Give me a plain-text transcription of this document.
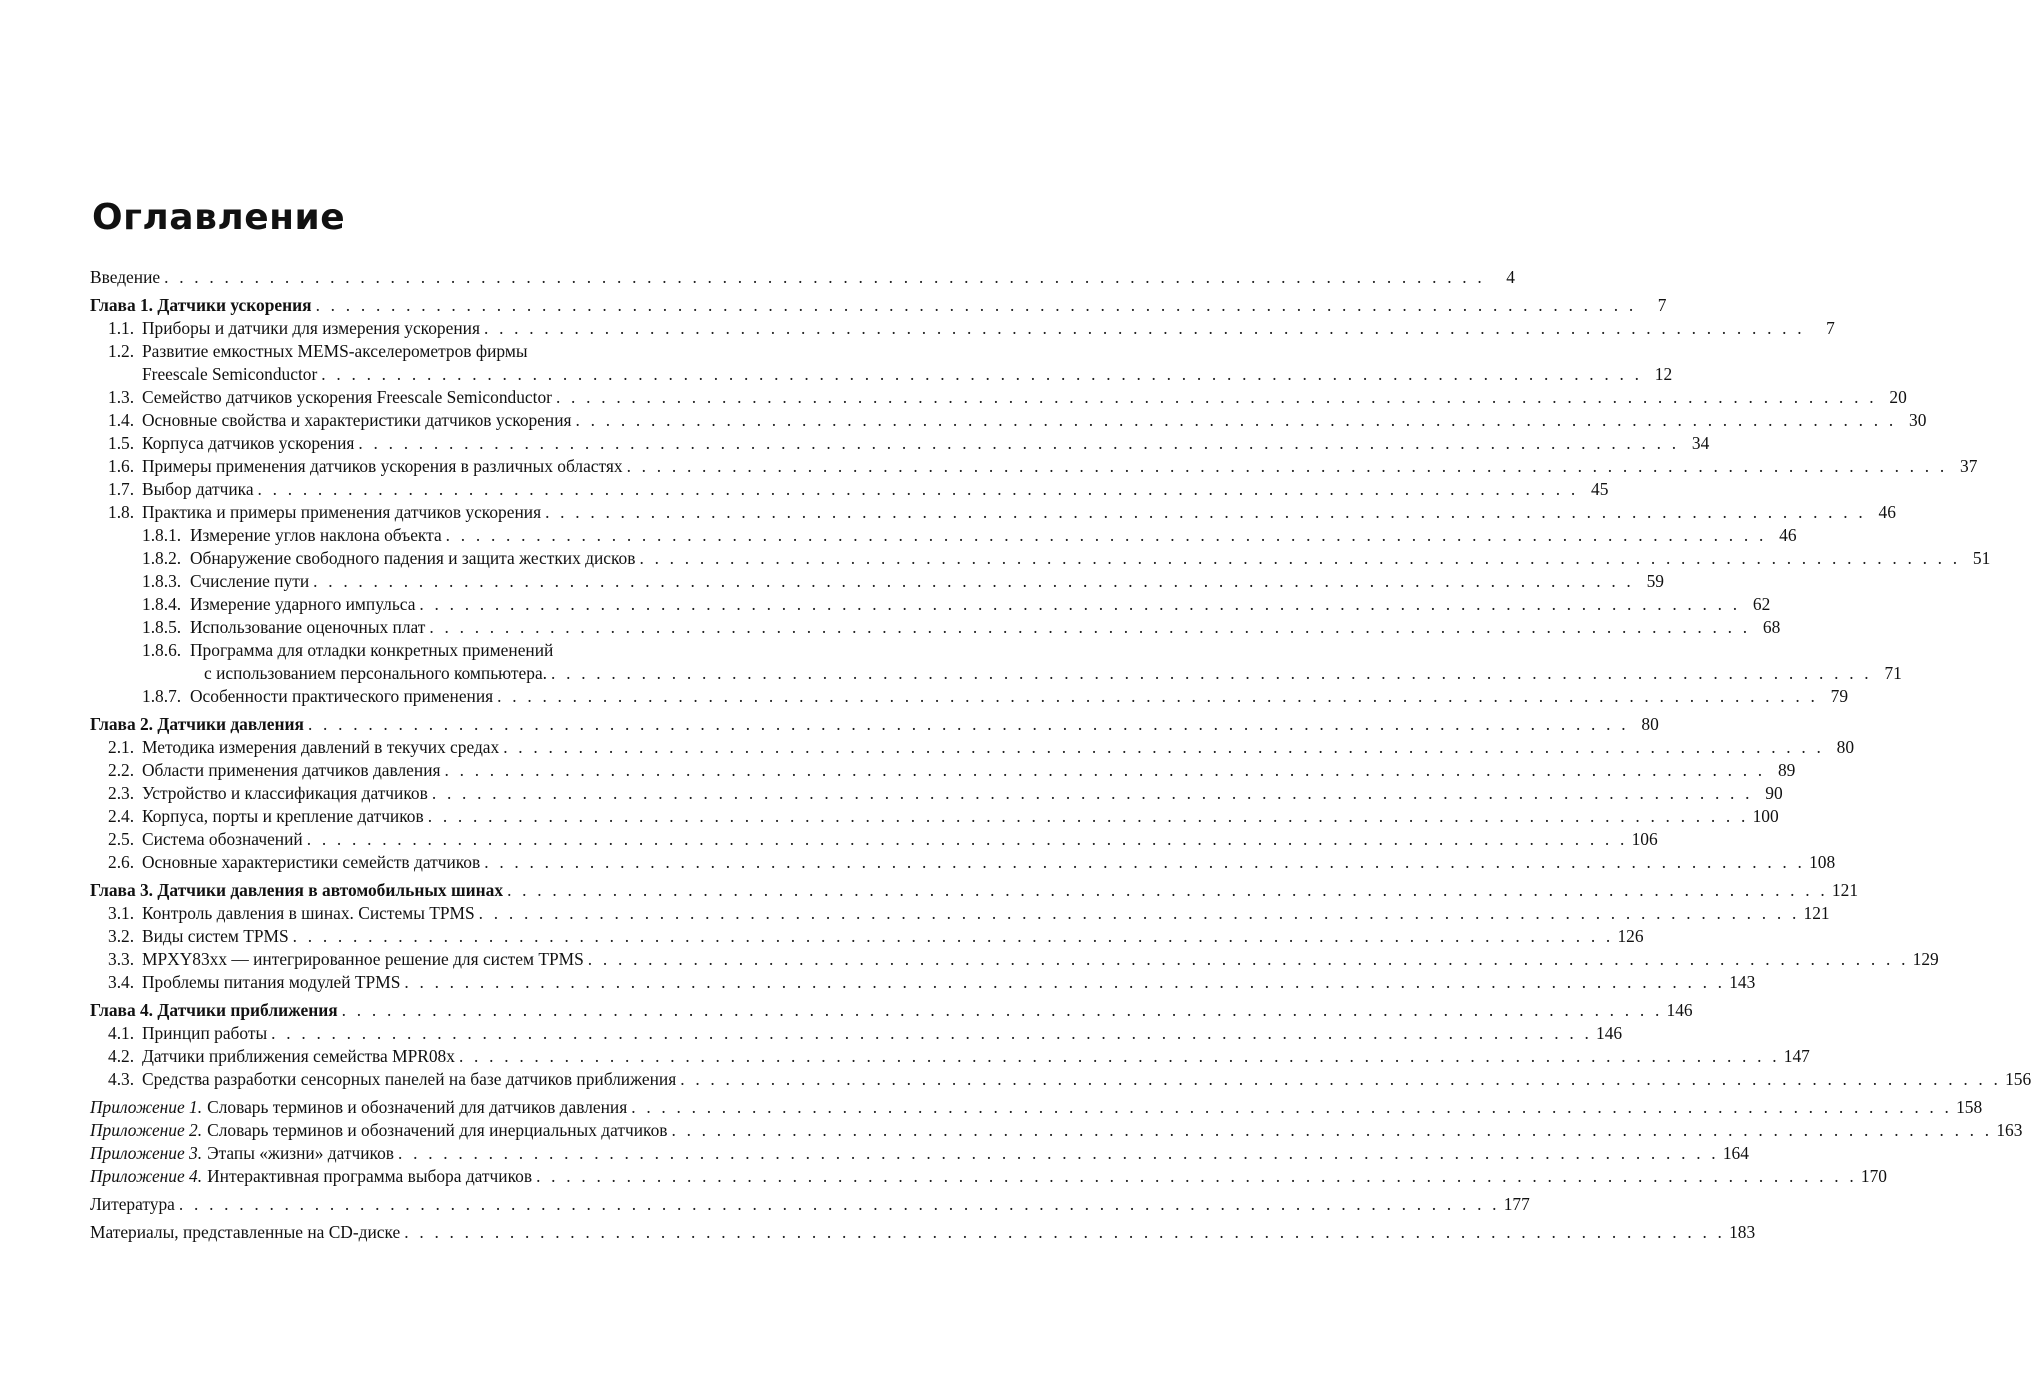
Оглавление
Введение . . . . . . . . . . . . . . . . . . . . . . . . . . . . . . . . . . . . . . . . . . . . . . . . . . . . . . . . . . . . . . . . . . . . . . . . . . . . . . . . . . . . . . . .	4
Глава 1. Датчики ускорения . . . . . . . . . . . . . . . . . . . . . . . . . . . . . . . . . . . . . . . . . . . . . . . . . . . . . . . . . . . . . . . . . . . . . . . . . . . . . . . . . . . . . . . .	7
1.1. Приборы и датчики для измерения ускорения . . . . . . . . . . . . . . . . . . . . . . . . . . . . . . . . . . . . . . . . . . . . . . . . . . . . . . . . . . . . . . . . . . . . . . . . . . . . . . . . . . . . . . . .	7
1.2. Развитие емкостных MEMS-акселерометров фирмы
Freescale Semiconductor . . . . . . . . . . . . . . . . . . . . . . . . . . . . . . . . . . . . . . . . . . . . . . . . . . . . . . . . . . . . . . . . . . . . . . . . . . . . . . . . . . . . . . . . 12
1.3. Семейство датчиков ускорения Freescale Semiconductor . . . . . . . . . . . . . . . . . . . . . . . . . . . . . . . . . . . . . . . . . . . . . . . . . . . . . . . . . . . . . . . . . . . . . . . . . . . . . . . . . . . . . . . . 20
1.4. Основные свойства и характеристики датчиков ускорения . . . . . . . . . . . . . . . . . . . . . . . . . . . . . . . . . . . . . . . . . . . . . . . . . . . . . . . . . . . . . . . . . . . . . . . . . . . . . . . . . . . . . . . . 30
1.5. Корпуса датчиков ускорения . . . . . . . . . . . . . . . . . . . . . . . . . . . . . . . . . . . . . . . . . . . . . . . . . . . . . . . . . . . . . . . . . . . . . . . . . . . . . . . . . . . . . . . . 34
1.6. Примеры применения датчиков ускорения в различных областях . . . . . . . . . . . . . . . . . . . . . . . . . . . . . . . . . . . . . . . . . . . . . . . . . . . . . . . . . . . . . . . . . . . . . . . . . . . . . . . . . . . . . . . . 37
1.7. Выбор датчика . . . . . . . . . . . . . . . . . . . . . . . . . . . . . . . . . . . . . . . . . . . . . . . . . . . . . . . . . . . . . . . . . . . . . . . . . . . . . . . . . . . . . . . . 45
1.8. Практика и примеры применения датчиков ускорения . . . . . . . . . . . . . . . . . . . . . . . . . . . . . . . . . . . . . . . . . . . . . . . . . . . . . . . . . . . . . . . . . . . . . . . . . . . . . . . . . . . . . . . . 46
1.8.1. Измерение углов наклона объекта . . . . . . . . . . . . . . . . . . . . . . . . . . . . . . . . . . . . . . . . . . . . . . . . . . . . . . . . . . . . . . . . . . . . . . . . . . . . . . . . . . . . . . . . 46
1.8.2. Обнаружение свободного падения и защита жестких дисков . . . . . . . . . . . . . . . . . . . . . . . . . . . . . . . . . . . . . . . . . . . . . . . . . . . . . . . . . . . . . . . . . . . . . . . . . . . . . . . . . . . . . . . . 51
1.8.3. Счисление пути . . . . . . . . . . . . . . . . . . . . . . . . . . . . . . . . . . . . . . . . . . . . . . . . . . . . . . . . . . . . . . . . . . . . . . . . . . . . . . . . . . . . . . . . 59
1.8.4. Измерение ударного импульса . . . . . . . . . . . . . . . . . . . . . . . . . . . . . . . . . . . . . . . . . . . . . . . . . . . . . . . . . . . . . . . . . . . . . . . . . . . . . . . . . . . . . . . . 62
1.8.5. Использование оценочных плат . . . . . . . . . . . . . . . . . . . . . . . . . . . . . . . . . . . . . . . . . . . . . . . . . . . . . . . . . . . . . . . . . . . . . . . . . . . . . . . . . . . . . . . . 68
1.8.6. Программа для отладки конкретных применений
с использованием персонального компьютера. . . . . . . . . . . . . . . . . . . . . . . . . . . . . . . . . . . . . . . . . . . . . . . . . . . . . . . . . . . . . . . . . . . . . . . . . . . . . . . . . . . . . . . . . 71
1.8.7. Особенности практического применения . . . . . . . . . . . . . . . . . . . . . . . . . . . . . . . . . . . . . . . . . . . . . . . . . . . . . . . . . . . . . . . . . . . . . . . . . . . . . . . . . . . . . . . . 79
Глава 2. Датчики давления . . . . . . . . . . . . . . . . . . . . . . . . . . . . . . . . . . . . . . . . . . . . . . . . . . . . . . . . . . . . . . . . . . . . . . . . . . . . . . . . . . . . . . . . 80
2.1. Методика измерения давлений в текучих средах . . . . . . . . . . . . . . . . . . . . . . . . . . . . . . . . . . . . . . . . . . . . . . . . . . . . . . . . . . . . . . . . . . . . . . . . . . . . . . . . . . . . . . . . 80
2.2. Области применения датчиков давления . . . . . . . . . . . . . . . . . . . . . . . . . . . . . . . . . . . . . . . . . . . . . . . . . . . . . . . . . . . . . . . . . . . . . . . . . . . . . . . . . . . . . . . . 89
2.3. Устройство и классификация датчиков . . . . . . . . . . . . . . . . . . . . . . . . . . . . . . . . . . . . . . . . . . . . . . . . . . . . . . . . . . . . . . . . . . . . . . . . . . . . . . . . . . . . . . . . 90
2.4. Корпуса, порты и крепление датчиков . . . . . . . . . . . . . . . . . . . . . . . . . . . . . . . . . . . . . . . . . . . . . . . . . . . . . . . . . . . . . . . . . . . . . . . . . . . . . . . . . . . . . . . . 100
2.5. Система обозначений . . . . . . . . . . . . . . . . . . . . . . . . . . . . . . . . . . . . . . . . . . . . . . . . . . . . . . . . . . . . . . . . . . . . . . . . . . . . . . . . . . . . . . . . 106
2.6. Основные характеристики семейств датчиков . . . . . . . . . . . . . . . . . . . . . . . . . . . . . . . . . . . . . . . . . . . . . . . . . . . . . . . . . . . . . . . . . . . . . . . . . . . . . . . . . . . . . . . . 108
Глава 3. Датчики давления в автомобильных шинах . . . . . . . . . . . . . . . . . . . . . . . . . . . . . . . . . . . . . . . . . . . . . . . . . . . . . . . . . . . . . . . . . . . . . . . . . . . . . . . . . . . . . . . . 121
3.1. Контроль давления в шинах. Системы TPMS . . . . . . . . . . . . . . . . . . . . . . . . . . . . . . . . . . . . . . . . . . . . . . . . . . . . . . . . . . . . . . . . . . . . . . . . . . . . . . . . . . . . . . . . 121
3.2. Виды систем TPMS . . . . . . . . . . . . . . . . . . . . . . . . . . . . . . . . . . . . . . . . . . . . . . . . . . . . . . . . . . . . . . . . . . . . . . . . . . . . . . . . . . . . . . . . 126
3.3. MPXY83xx — интегрированное решение для систем TPMS . . . . . . . . . . . . . . . . . . . . . . . . . . . . . . . . . . . . . . . . . . . . . . . . . . . . . . . . . . . . . . . . . . . . . . . . . . . . . . . . . . . . . . . . 129
3.4. Проблемы питания модулей TPMS . . . . . . . . . . . . . . . . . . . . . . . . . . . . . . . . . . . . . . . . . . . . . . . . . . . . . . . . . . . . . . . . . . . . . . . . . . . . . . . . . . . . . . . . 143
Глава 4. Датчики приближения . . . . . . . . . . . . . . . . . . . . . . . . . . . . . . . . . . . . . . . . . . . . . . . . . . . . . . . . . . . . . . . . . . . . . . . . . . . . . . . . . . . . . . . . 146
4.1. Принцип работы . . . . . . . . . . . . . . . . . . . . . . . . . . . . . . . . . . . . . . . . . . . . . . . . . . . . . . . . . . . . . . . . . . . . . . . . . . . . . . . . . . . . . . . . 146
4.2. Датчики приближения семейства MPR08x . . . . . . . . . . . . . . . . . . . . . . . . . . . . . . . . . . . . . . . . . . . . . . . . . . . . . . . . . . . . . . . . . . . . . . . . . . . . . . . . . . . . . . . . 147
4.3. Средства разработки сенсорных панелей на базе датчиков приближения . . . . . . . . . . . . . . . . . . . . . . . . . . . . . . . . . . . . . . . . . . . . . . . . . . . . . . . . . . . . . . . . . . . . . . . . . . . . . . . . . . . . . . . . 156
Приложение 1. Словарь терминов и обозначений для датчиков давления . . . . . . . . . . . . . . . . . . . . . . . . . . . . . . . . . . . . . . . . . . . . . . . . . . . . . . . . . . . . . . . . . . . . . . . . . . . . . . . . . . . . . . . . 158
Приложение 2. Словарь терминов и обозначений для инерциальных датчиков . . . . . . . . . . . . . . . . . . . . . . . . . . . . . . . . . . . . . . . . . . . . . . . . . . . . . . . . . . . . . . . . . . . . . . . . . . . . . . . . . . . . . . . . 163
Приложение 3. Этапы «жизни» датчиков . . . . . . . . . . . . . . . . . . . . . . . . . . . . . . . . . . . . . . . . . . . . . . . . . . . . . . . . . . . . . . . . . . . . . . . . . . . . . . . . . . . . . . . . 164
Приложение 4. Интерактивная программа выбора датчиков . . . . . . . . . . . . . . . . . . . . . . . . . . . . . . . . . . . . . . . . . . . . . . . . . . . . . . . . . . . . . . . . . . . . . . . . . . . . . . . . . . . . . . . . 170
Литература . . . . . . . . . . . . . . . . . . . . . . . . . . . . . . . . . . . . . . . . . . . . . . . . . . . . . . . . . . . . . . . . . . . . . . . . . . . . . . . . . . . . . . . . 177
Материалы, представленные на CD-диске . . . . . . . . . . . . . . . . . . . . . . . . . . . . . . . . . . . . . . . . . . . . . . . . . . . . . . . . . . . . . . . . . . . . . . . . . . . . . . . . . . . . . . . . 183
